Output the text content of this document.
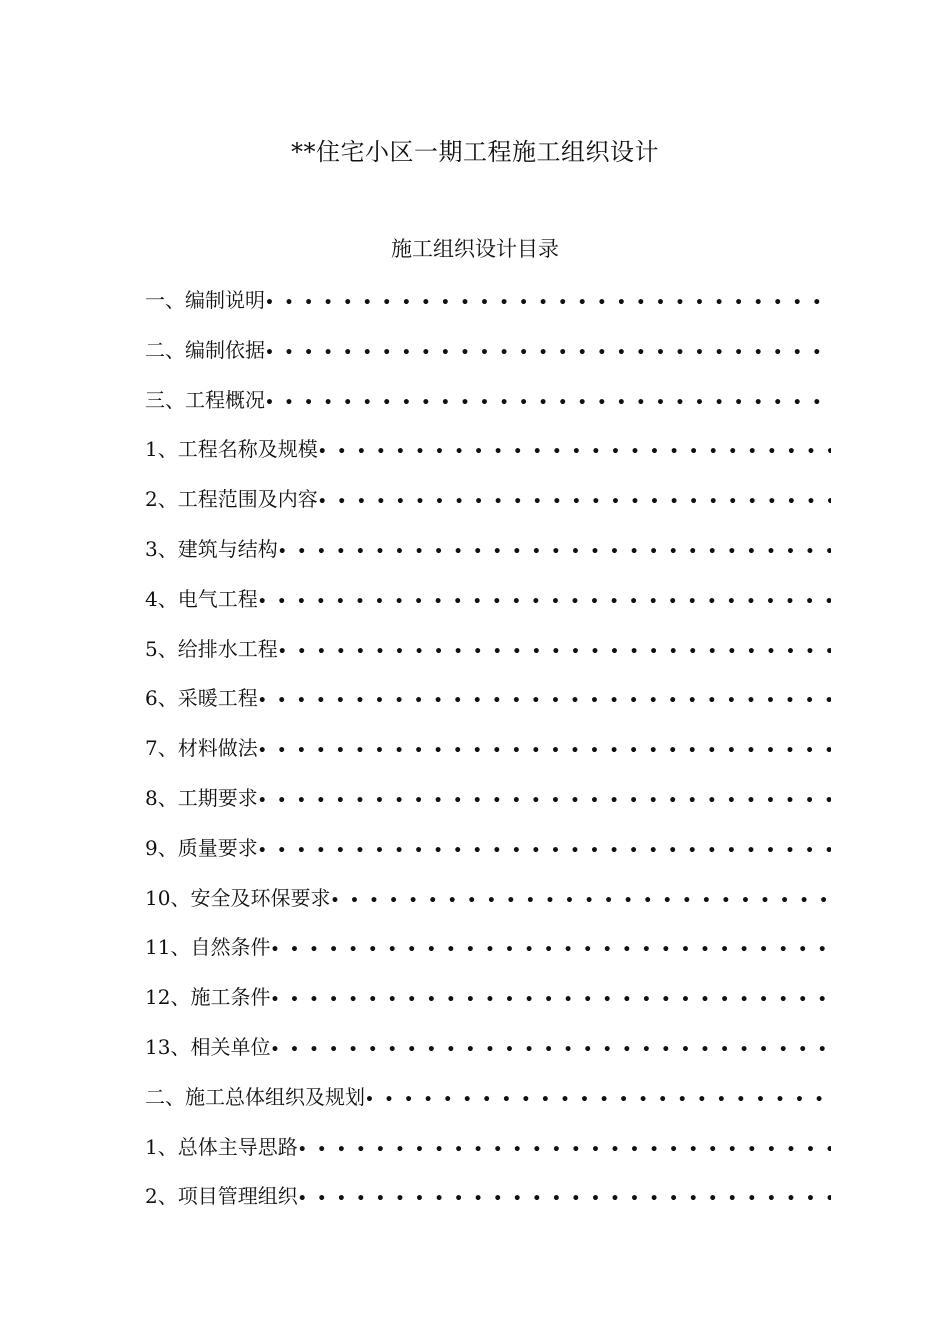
**住宅小区一期工程施工组织设计
施工组织设计目录
一、编制说明
•••••
二、编制依据
•••••
三、工程概况
•••••
1、工程名称及规模
•••••
2、工程范围及内容
•••••
3、建筑与结构
•••••
4、电气工程
•••••
5、给排水工程
•••••
6、采暖工程
•••••
7、材料做法
•••••
8、工期要求
•••••
9、质量要求
•••••
10、安全及环保要求
•••••
11、自然条件
•••••
12、施工条件
•••••
13、相关单位
•••••
二、施工总体组织及规划
•••••
1、总体主导思路
•••••
2、项目管理组织
•••••
